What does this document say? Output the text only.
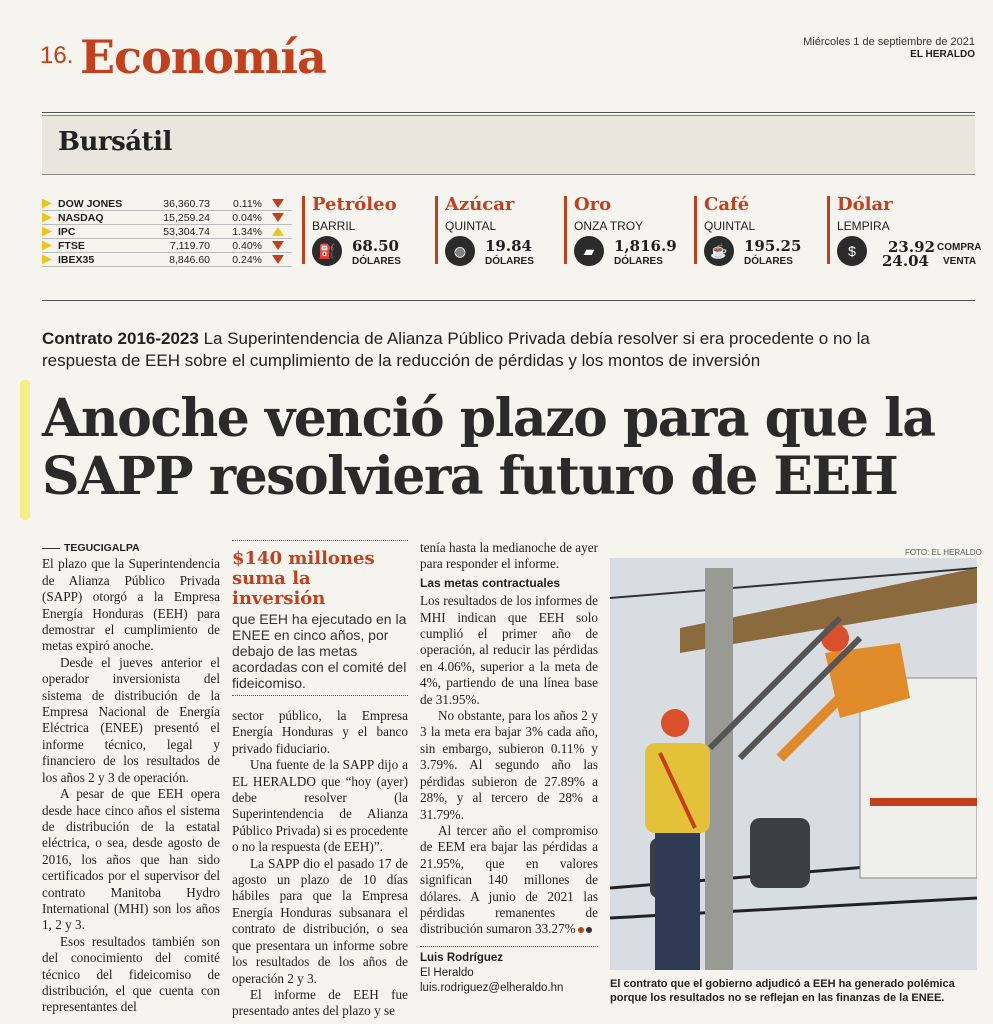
16. Economía	Miércoles 1 de septiembre de 2021
EL HERALDO
Bursátil
DOW JONES	36,360.73	0.11%
NASDAQ	15,259.24	0.04%
IPC	53,304.74	1.34%
FTSE	7,119.70	0.40%
IBEX35	8,846.60	0.24%
Petróleo
BARRIL
⛽	68.50
DÓLARES
Azúcar
QUINTAL
◍	19.84
DÓLARES
Oro
ONZA TROY
▰	1,816.9
DÓLARES
Café
QUINTAL
☕	195.25
DÓLARES
Dólar
LEMPIRA
$	23.92 COMPRA
24.04 VENTA
Contrato 2016-2023 La Superintendencia de Alianza Público Privada debía resolver si era procedente o no la respuesta de EEH sobre el cumplimiento de la reducción de pérdidas y los montos de inversión
Anoche venció plazo para que la SAPP resolviera futuro de EEH
TEGUCIGALPA

El plazo que la Superintendencia de Alianza Público Privada (SAPP) otorgó a la Empresa Energía Honduras (EEH) para demostrar el cumplimiento de metas expiró anoche.

Desde el jueves anterior el operador inversionista del sistema de distribución de la Empresa Nacional de Energía Eléctrica (ENEE) presentó el informe técnico, legal y financiero de los resultados de los años 2 y 3 de operación.

A pesar de que EEH opera desde hace cinco años el sistema de distribución de la estatal eléctrica, o sea, desde agosto de 2016, los años que han sido certificados por el supervisor del contrato Manitoba Hydro International (MHI) son los años 1, 2 y 3.

Esos resultados también son del conocimiento del comité técnico del fideicomiso de distribución, el que cuenta con representantes del

$140 millones
suma la inversión
que EEH ha ejecutado en la ENEE en cinco años, por debajo de las metas acordadas con el comité del fideicomiso.

sector público, la Empresa Energía Honduras y el banco privado fiduciario.

Una fuente de la SAPP dijo a EL HERALDO que “hoy (ayer) debe resolver (la Superintendencia de Alianza Público Privada) si es procedente o no la respuesta (de EEH)”.

La SAPP dio el pasado 17 de agosto un plazo de 10 días hábiles para que la Empresa Energía Honduras subsanara el contrato de distribución, o sea que presentara un informe sobre los resultados de los años de operación 2 y 3.

El informe de EEH fue presentado antes del plazo y se

tenía hasta la medianoche de ayer para responder el informe.

Las metas contractuales

Los resultados de los informes de MHI indican que EEH solo cumplió el primer año de operación, al reducir las pérdidas en 4.06%, superior a la meta de 4%, partiendo de una línea base de 31.95%.

No obstante, para los años 2 y 3 la meta era bajar 3% cada año, sin embargo, subieron 0.11% y 3.79%. Al segundo año las pérdidas subieron de 27.89% a 28%, y al tercero de 28% a 31.79%.

Al tercer año el compromiso de EEM era bajar las pérdidas a 21.95%, que en valores significan 140 millones de dólares. A junio de 2021 las pérdidas remanentes de distribución sumaron 33.27%

Luis Rodríguez
El Heraldo
luis.rodriguez@elheraldo.hn
FOTO: EL HERALDO
El contrato que el gobierno adjudicó a EEH ha generado polémica porque los resultados no se reflejan en las finanzas de la ENEE.
